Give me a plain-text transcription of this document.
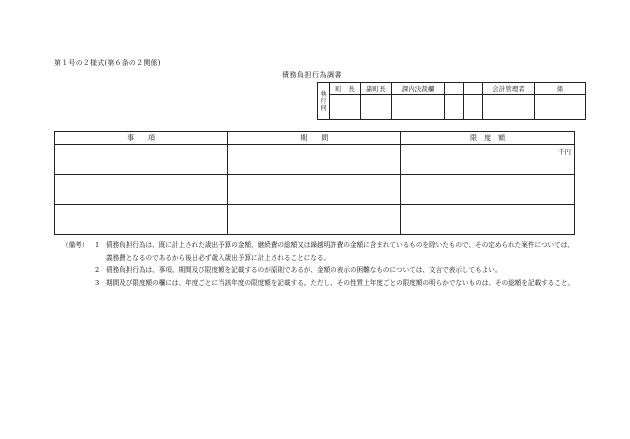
第１号の２様式(第６条の２関係)
債務負担行為調書
執
行
伺	町　長	副町長	課内決裁欄			会計管理者	係

事　　項	期　　間	限　度　額

		千円

（備考）	1	債務負担行為は、既に計上された歳出予算の金額、継続費の総額又は繰越明許費の金額に含まれているものを除いたもので、その定められた案件については、義務費となるのであるから後日必ず歳入歳出予算に計上されることになる。
2	債務負担行為は、事項、期間及び限度額を記載するのが原則であるが、金額の表示の困難なものについては、文言で表示してもよい。
3	期間及び限度額の欄には、年度ごとに当該年度の限度額を記載する。ただし、その性質上年度ごとの限度額の明らかでないものは、その総額を記載すること。
